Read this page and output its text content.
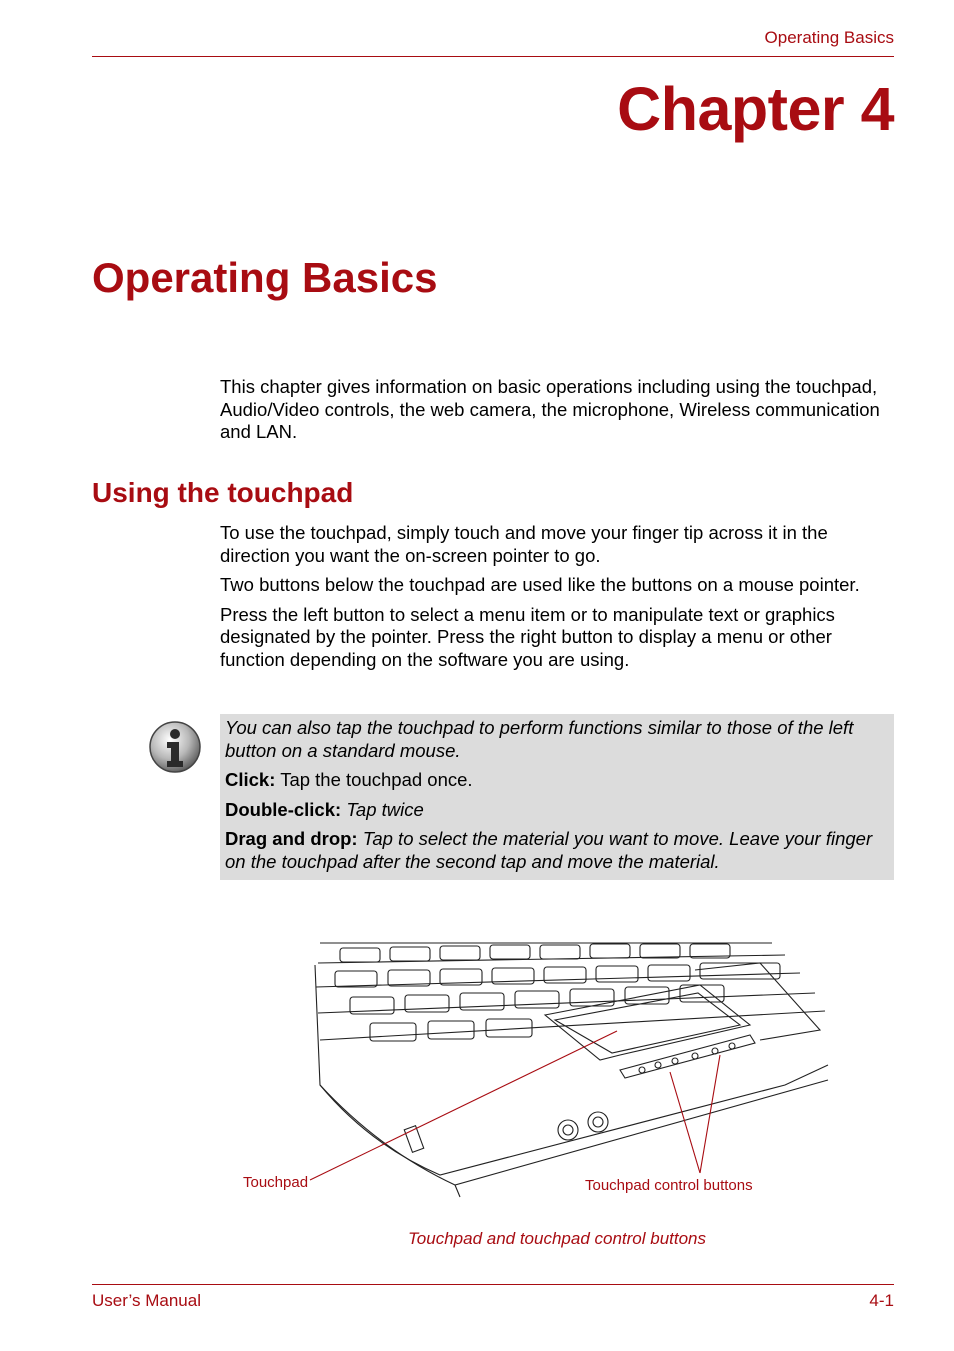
Operating Basics
Chapter 4
Operating Basics

This chapter gives information on basic operations including using the touchpad, Audio/Video controls, the web camera, the microphone, Wireless communication and LAN.

Using the touchpad

To use the touchpad, simply touch and move your finger tip across it in the direction you want the on-screen pointer to go.

Two buttons below the touchpad are used like the buttons on a mouse pointer.

Press the left button to select a menu item or to manipulate text or graphics designated by the pointer. Press the right button to display a menu or other function depending on the software you are using.

You can also tap the touchpad to perform functions similar to those of the left button on a standard mouse.

Click: Tap the touchpad once.

Double-click: Tap twice

Drag and drop: Tap to select the material you want to move. Leave your finger on the touchpad after the second tap and move the material.

Touchpad	Touchpad control buttons
Touchpad and touchpad control buttons
User’s Manual	4-1
